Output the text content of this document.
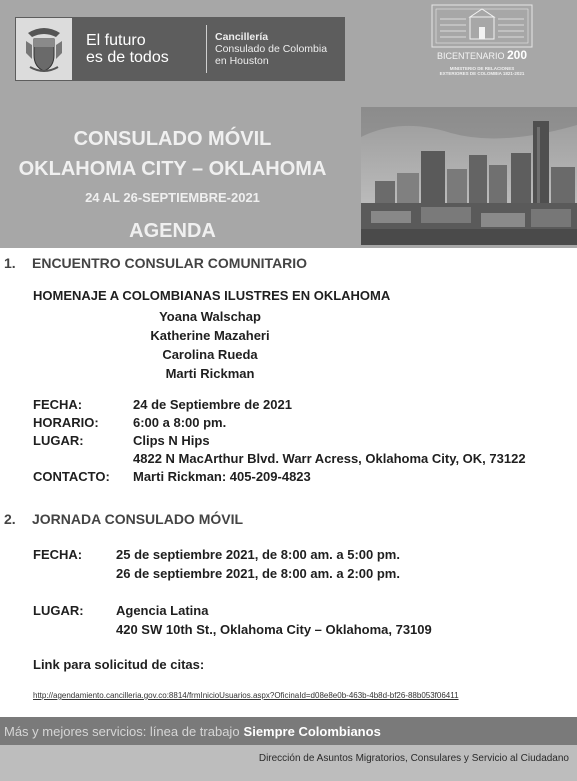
El futuro
es de todos
Cancillería
Consulado de Colombia
en Houston	BICENTENARIO 200
MINISTERIO DE RELACIONES
EXTERIORES DE COLOMBIA 1821-2021
CONSULADO MÓVIL
OKLAHOMA CITY – OKLAHOMA
24 AL 26-SEPTIEMBRE-2021
AGENDA
1. ENCUENTRO CONSULAR COMUNITARIO
HOMENAJE A COLOMBIANAS ILUSTRES EN OKLAHOMA
Yoana Walschap
Katherine Mazaheri
Carolina Rueda
Marti Rickman
FECHA:	24 de Septiembre de 2021
HORARIO:	6:00 a 8:00 pm.
LUGAR:	Clips N Hips
4822 N MacArthur Blvd. Warr Acress, Oklahoma City, OK, 73122
CONTACTO: Marti Rickman: 405-209-4823
2. JORNADA CONSULADO MÓVIL
FECHA:	25 de septiembre 2021, de 8:00 am. a 5:00 pm.
26 de septiembre 2021, de 8:00 am. a 2:00 pm.
LUGAR: Agencia Latina
420 SW 10th St., Oklahoma City – Oklahoma, 73109
Link para solicitud de citas:
http://agendamiento.cancilleria.gov.co:8814/frmInicioUsuarios.aspx?OficinaId=d08e8e0b-463b-4b8d-bf26-88b053f06411
Más y mejores servicios: línea de trabajo Siempre Colombianos
Dirección de Asuntos Migratorios, Consulares y Servicio al Ciudadano
